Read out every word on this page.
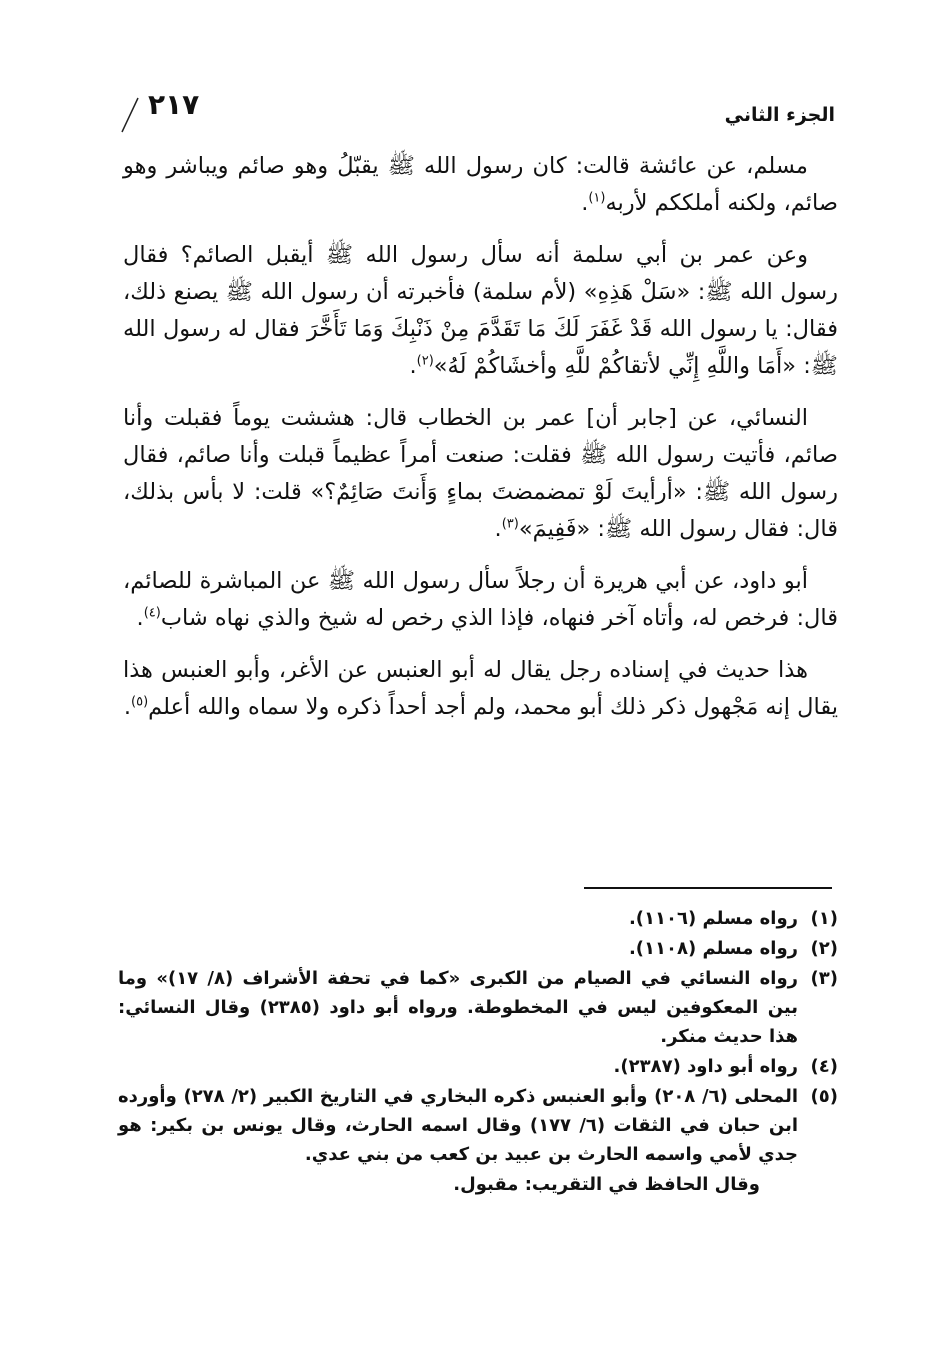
الجزء الثاني
٢١٧

مسلم، عن عائشة قالت: كان رسول الله ﷺ يقبّلُ وهو صائم ويباشر وهو صائم، ولكنه أملككم لأربه$^{(١)}$.

وعن عمر بن أبي سلمة أنه سأل رسول الله ﷺ أيقبل الصائم؟ فقال رسول الله ﷺ: «سَلْ هَذِهِ» (لأم سلمة) فأخبرته أن رسول الله ﷺ يصنع ذلك، فقال: يا رسول الله قَدْ غَفَرَ لَكَ مَا تَقَدَّمَ مِنْ ذَنْبِكَ وَمَا تَأَخَّرَ فقال له رسول الله ﷺ: «أَمَا واللَّهِ إِنِّي لأتقاكُمْ للَّهِ وأخشَاكُمْ لَهُ»$^{(٢)}$.

النسائي، عن [جابر أن] عمر بن الخطاب قال: هششت يوماً فقبلت وأنا صائم، فأتيت رسول الله ﷺ فقلت: صنعت أمراً عظيماً قبلت وأنا صائم، فقال رسول الله ﷺ: «أرأيتَ لَوْ تمضمضتَ بماءٍ وَأَنتَ صَائِمٌ؟» قلت: لا بأس بذلك، قال: فقال رسول الله ﷺ: «فَفِيمَ»$^{(٣)}$.

أبو داود، عن أبي هريرة أن رجلاً سأل رسول الله ﷺ عن المباشرة للصائم، قال: فرخص له، وأتاه آخر فنهاه، فإذا الذي رخص له شيخ والذي نهاه شاب$^{(٤)}$.

هذا حديث في إسناده رجل يقال له أبو العنبس عن الأغر، وأبو العنبس هذا يقال إنه مَجْهول ذكر ذلك أبو محمد، ولم أجد أحداً ذكره ولا سماه والله أعلم$^{(٥)}$.

(١)
رواه مسلم (١١٠٦).
(٢)
رواه مسلم (١١٠٨).
(٣)
رواه النسائي في الصيام من الكبرى «كما في تحفة الأشراف (٨/ ١٧)» وما بين المعكوفين ليس في المخطوطة. ورواه أبو داود (٢٣٨٥) وقال النسائي: هذا حديث منكر.
(٤)
رواه أبو داود (٢٣٨٧).
(٥)
المحلى (٦/ ٢٠٨) وأبو العنبس ذكره البخاري في التاريخ الكبير (٢/ ٢٧٨) وأورده ابن حبان في الثقات (٦/ ١٧٧) وقال اسمه الحارث، وقال يونس بن بكير: هو جدي لأمي واسمه الحارث بن عبيد بن كعب من بني عدي.
وقال الحافظ في التقريب: مقبول.
